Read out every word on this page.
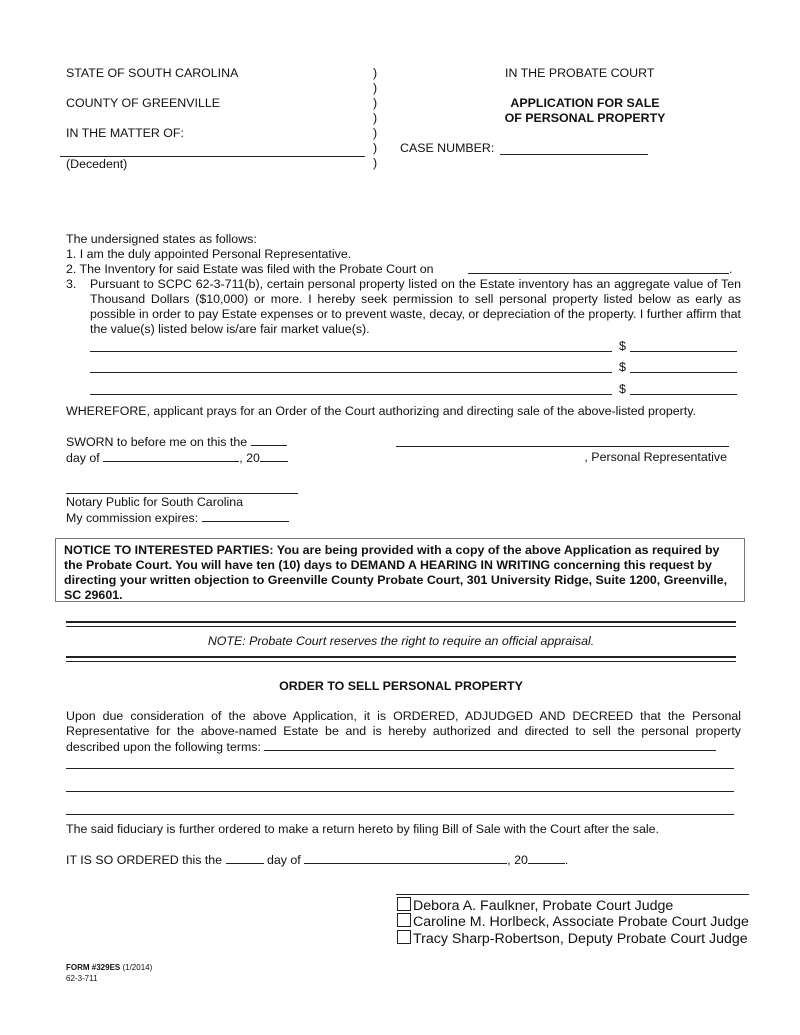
STATE OF SOUTH CAROLINA
COUNTY OF GREENVILLE
IN THE MATTER OF:
(Decedent)
)
)
)
)
)
)
)
IN THE PROBATE COURT
APPLICATION FOR SALE
OF PERSONAL PROPERTY
CASE NUMBER:
The undersigned states as follows:
1. I am the duly appointed Personal Representative.
2. The Inventory for said Estate was filed with the Probate Court on	.
3. Pursuant to SCPC 62-3-711(b), certain personal property listed on the Estate inventory has an aggregate value of Ten Thousand Dollars ($10,000) or more. I hereby seek permission to sell personal property listed below as early as possible in order to pay Estate expenses or to prevent waste, decay, or depreciation of the property. I further affirm that the value(s) listed below is/are fair market value(s).
$
$
$
WHEREFORE, applicant prays for an Order of the Court authorizing and directing sale of the above-listed property.
SWORN to before me on this the
day of	, 20	, Personal Representative
Notary Public for South Carolina
My commission expires:
NOTICE TO INTERESTED PARTIES: You are being provided with a copy of the above Application as required by the Probate Court. You will have ten (10) days to DEMAND A HEARING IN WRITING concerning this request by directing your written objection to Greenville County Probate Court, 301 University Ridge, Suite 1200, Greenville, SC 29601.
NOTE: Probate Court reserves the right to require an official appraisal.
ORDER TO SELL PERSONAL PROPERTY
Upon due consideration of the above Application, it is ORDERED, ADJUDGED AND DECREED that the Personal Representative for the above-named Estate be and is hereby authorized and directed to sell the personal property described upon the following terms:
The said fiduciary is further ordered to make a return hereto by filing Bill of Sale with the Court after the sale.
IT IS SO ORDERED this the	day of	, 20	.
Debora A. Faulkner, Probate Court Judge
Caroline M. Horlbeck, Associate Probate Court Judge
Tracy Sharp-Robertson, Deputy Probate Court Judge
FORM #329ES (1/2014)
62-3-711
